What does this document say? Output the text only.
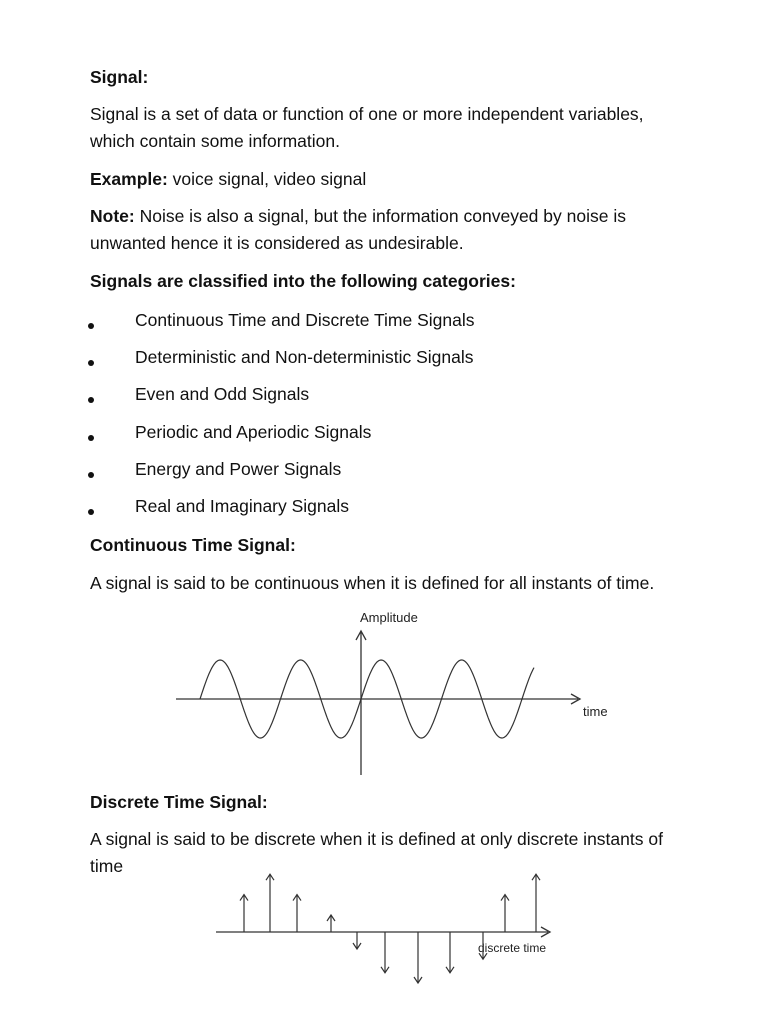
Signal:
Signal is a set of data or function of one or more independent variables,
which contain some information.
Example: voice signal, video signal
Note: Noise is also a signal, but the information conveyed by noise is
unwanted hence it is considered as undesirable.
Signals are classified into the following categories:
Continuous Time and Discrete Time Signals
Deterministic and Non-deterministic Signals
Even and Odd Signals
Periodic and Aperiodic Signals
Energy and Power Signals
Real and Imaginary Signals
Continuous Time Signal:
A signal is said to be continuous when it is defined for all instants of time.
Amplitude
time
Discrete Time Signal:
A signal is said to be discrete when it is defined at only discrete instants of
time
discrete time
